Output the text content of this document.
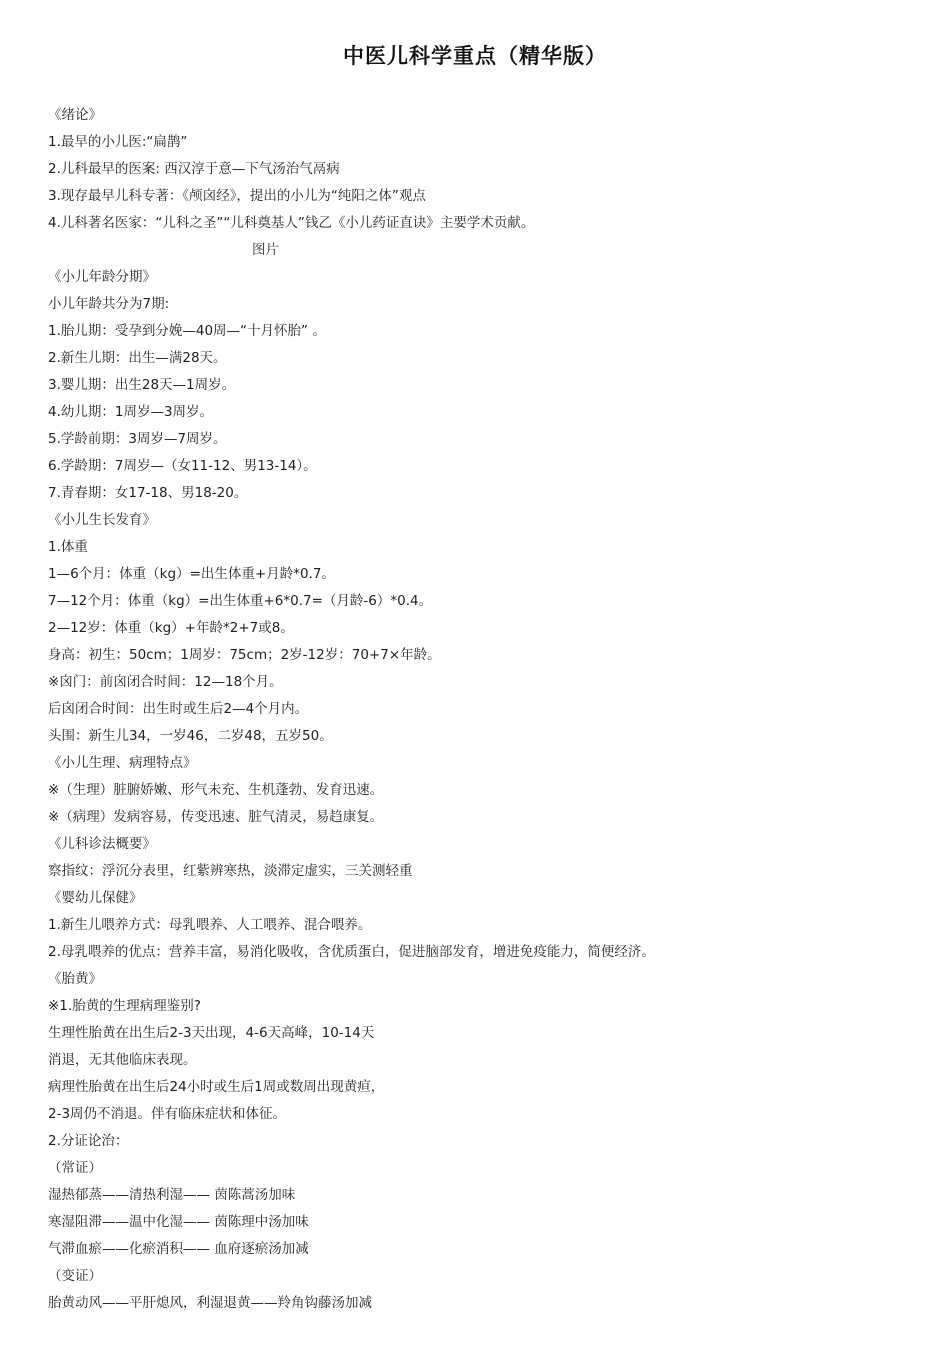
中医儿科学重点（精华版）
《绪论》
1.最早的小儿医:“扁鹊”
2.儿科最早的医案: 西汉淳于意—下气汤治气鬲病
3.现存最早儿科专著：《颅囟经》，提出的小儿为“纯阳之体”观点
4.儿科著名医家：“儿科之圣”“儿科奠基人”钱乙《小儿药证直诀》主要学术贡献。
图片
《小儿年龄分期》
小儿年龄共分为7期:
1.胎儿期：受孕到分娩—40周—“十月怀胎” 。
2.新生儿期：出生—满28天。
3.婴儿期：出生28天—1周岁。
4.幼儿期：1周岁—3周岁。
5.学龄前期：3周岁—7周岁。
6.学龄期：7周岁—（女11-12、男13-14）。
7.青春期：女17-18、男18-20。
《小儿生长发育》
1.体重
1—6个月：体重（kg）=出生体重+月龄*0.7。
7—12个月：体重（kg）=出生体重+6*0.7=（月龄-6）*0.4。
2—12岁：体重（kg）+年龄*2+7或8。
身高：初生：50cm；1周岁：75cm；2岁-12岁：70+7×年龄。
※囟门：前囟闭合时间：12—18个月。
后囟闭合时间：出生时或生后2—4个月内。
头围：新生儿34，一岁46，二岁48，五岁50。
《小儿生理、病理特点》
※（生理）脏腑娇嫩、形气未充、生机蓬勃、发育迅速。
※（病理）发病容易，传变迅速、脏气清灵，易趋康复。
《儿科诊法概要》
察指纹：浮沉分表里，红紫辨寒热，淡滞定虚实，三关测轻重
《婴幼儿保健》
1.新生儿喂养方式：母乳喂养、人工喂养、混合喂养。
2.母乳喂养的优点：营养丰富，易消化吸收，含优质蛋白，促进脑部发育，增进免疫能力，简便经济。
《胎黄》
※1.胎黄的生理病理鉴别?
生理性胎黄在出生后2-3天出现，4-6天高峰，10-14天
消退，无其他临床表现。
病理性胎黄在出生后24小时或生后1周或数周出现黄疸，
2-3周仍不消退。伴有临床症状和体征。
2.分证论治：
（常证）
湿热郁蒸——清热利湿—— 茵陈蒿汤加味
寒湿阻滞——温中化湿—— 茵陈理中汤加味
气滞血瘀——化瘀消积—— 血府逐瘀汤加减
（变证）
胎黄动风——平肝熄风，利湿退黄——羚角钩藤汤加减
